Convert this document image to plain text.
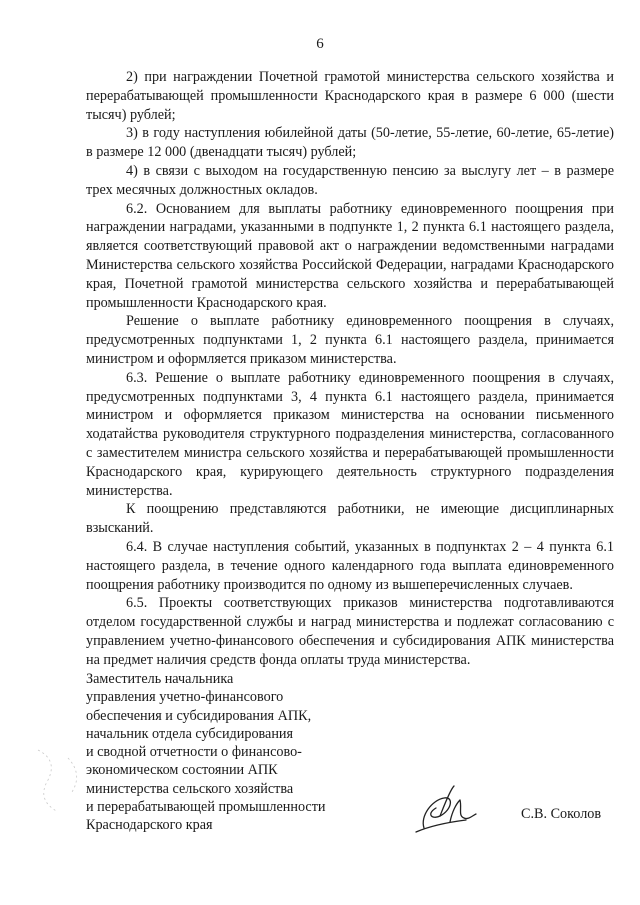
6

2) при награждении Почетной грамотой министерства сельского хозяйства и перерабатывающей промышленности Краснодарского края в размере 6 000 (шести тысяч) рублей;

3) в году наступления юбилейной даты (50-летие, 55-летие, 60-летие, 65-летие) в размере 12 000 (двенадцати тысяч) рублей;

4) в связи с выходом на государственную пенсию за выслугу лет – в размере трех месячных должностных окладов.

6.2. Основанием для выплаты работнику единовременного поощрения при награждении наградами, указанными в подпункте 1, 2 пункта 6.1 настоящего раздела, является соответствующий правовой акт о награждении ведомственными наградами Министерства сельского хозяйства Российской Федерации, наградами Краснодарского края, Почетной грамотой министерства сельского хозяйства и перерабатывающей промышленности Краснодарского края.

Решение о выплате работнику единовременного поощрения в случаях, предусмотренных подпунктами 1, 2 пункта 6.1 настоящего раздела, принимается министром и оформляется приказом министерства.

6.3. Решение о выплате работнику единовременного поощрения в случаях, предусмотренных подпунктами 3, 4 пункта 6.1 настоящего раздела, принимается министром и оформляется приказом министерства на основании письменного ходатайства руководителя структурного подразделения министерства, согласованного с заместителем министра сельского хозяйства и перерабатывающей промышленности Краснодарского края, курирующего деятельность структурного подразделения министерства.

К поощрению представляются работники, не имеющие дисциплинарных взысканий.

6.4. В случае наступления событий, указанных в подпунктах 2 – 4 пункта 6.1 настоящего раздела, в течение одного календарного года выплата единовременного поощрения работнику производится по одному из вышеперечисленных случаев.

6.5. Проекты соответствующих приказов министерства подготавливаются отделом государственной службы и наград министерства и подлежат согласованию с управлением учетно-финансового обеспечения и субсидирования АПК министерства на предмет наличия средств фонда оплаты труда министерства.

Заместитель начальника
управления учетно-финансового
обеспечения и субсидирования АПК,
начальник отдела субсидирования
и сводной отчетности о финансово-
экономическом состоянии АПК
министерства сельского хозяйства
и перерабатывающей промышленности
Краснодарского края
С.В. Соколов
